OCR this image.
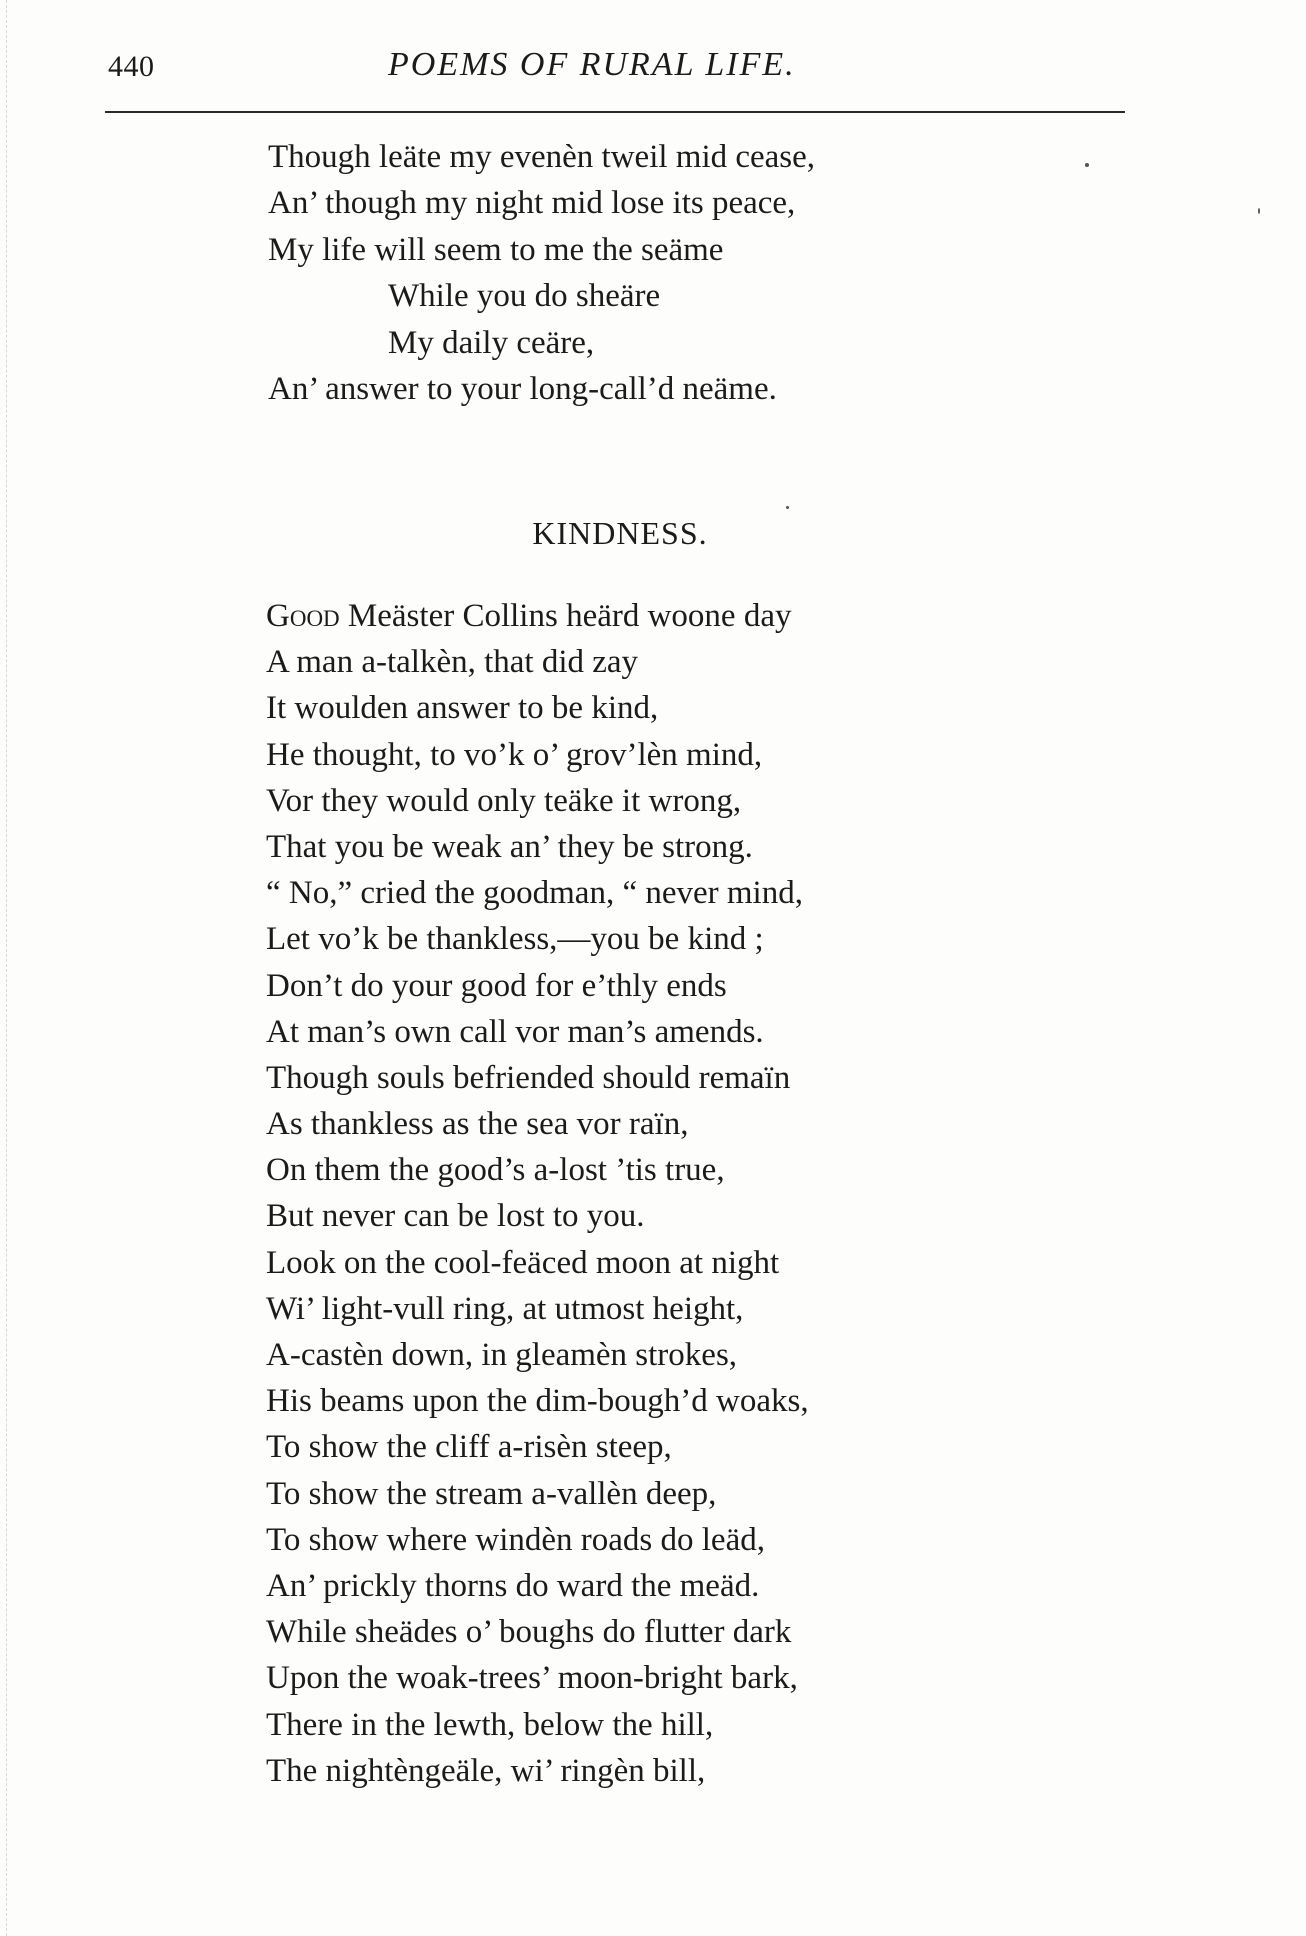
440	POEMS OF RURAL LIFE.
Though leäte my evenèn tweil mid cease,
An’ though my night mid lose its peace,
My life will seem to me the seäme
While you do sheäre
My daily ceäre,
An’ answer to your long-call’d neäme.
KINDNESS.
Good Meäster Collins heärd woone day
A man a-talkèn, that did zay
It woulden answer to be kind,
He thought, to vo’k o’ grov’lèn mind,
Vor they would only teäke it wrong,
That you be weak an’ they be strong.
“ No,” cried the goodman, “ never mind,
Let vo’k be thankless,—you be kind ;
Don’t do your good for e’thly ends
At man’s own call vor man’s amends.
Though souls befriended should remaïn
As thankless as the sea vor raïn,
On them the good’s a-lost ’tis true,
But never can be lost to you.
Look on the cool-feäced moon at night
Wi’ light-vull ring, at utmost height,
A-castèn down, in gleamèn strokes,
His beams upon the dim-bough’d woaks,
To show the cliff a-risèn steep,
To show the stream a-vallèn deep,
To show where windèn roads do leäd,
An’ prickly thorns do ward the meäd.
While sheädes o’ boughs do flutter dark
Upon the woak-trees’ moon-bright bark,
There in the lewth, below the hill,
The nightèngeäle, wi’ ringèn bill,
